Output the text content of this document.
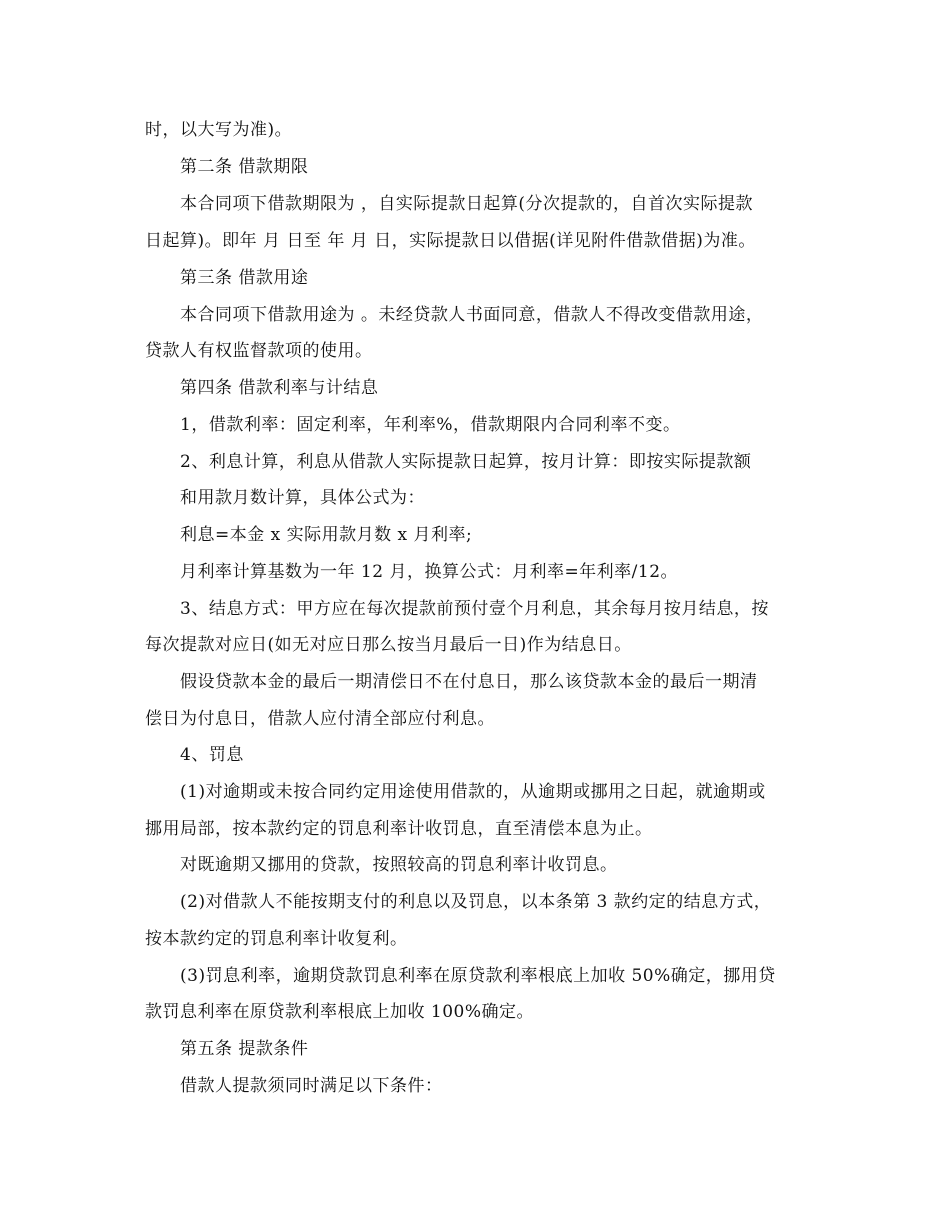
时，以大写为准)。
第二条 借款期限
本合同项下借款期限为 ，自实际提款日起算(分次提款的，自首次实际提款
日起算)。即年 月 日至 年 月 日，实际提款日以借据(详见附件借款借据)为准。
第三条 借款用途
本合同项下借款用途为 。未经贷款人书面同意，借款人不得改变借款用途，
贷款人有权监督款项的使用。
第四条 借款利率与计结息
1，借款利率：固定利率，年利率%，借款期限内合同利率不变。
2、利息计算，利息从借款人实际提款日起算，按月计算：即按实际提款额
和用款月数计算，具体公式为：
利息=本金 x 实际用款月数 x 月利率;
月利率计算基数为一年 12 月，换算公式：月利率=年利率/12。
3、结息方式：甲方应在每次提款前预付壹个月利息，其余每月按月结息，按
每次提款对应日(如无对应日那么按当月最后一日)作为结息日。
假设贷款本金的最后一期清偿日不在付息日，那么该贷款本金的最后一期清
偿日为付息日，借款人应付清全部应付利息。
4、罚息
(1)对逾期或未按合同约定用途使用借款的，从逾期或挪用之日起，就逾期或
挪用局部，按本款约定的罚息利率计收罚息，直至清偿本息为止。
对既逾期又挪用的贷款，按照较高的罚息利率计收罚息。
(2)对借款人不能按期支付的利息以及罚息，以本条第 3 款约定的结息方式，
按本款约定的罚息利率计收复利。
(3)罚息利率，逾期贷款罚息利率在原贷款利率根底上加收 50%确定，挪用贷
款罚息利率在原贷款利率根底上加收 100%确定。
第五条 提款条件
借款人提款须同时满足以下条件：
